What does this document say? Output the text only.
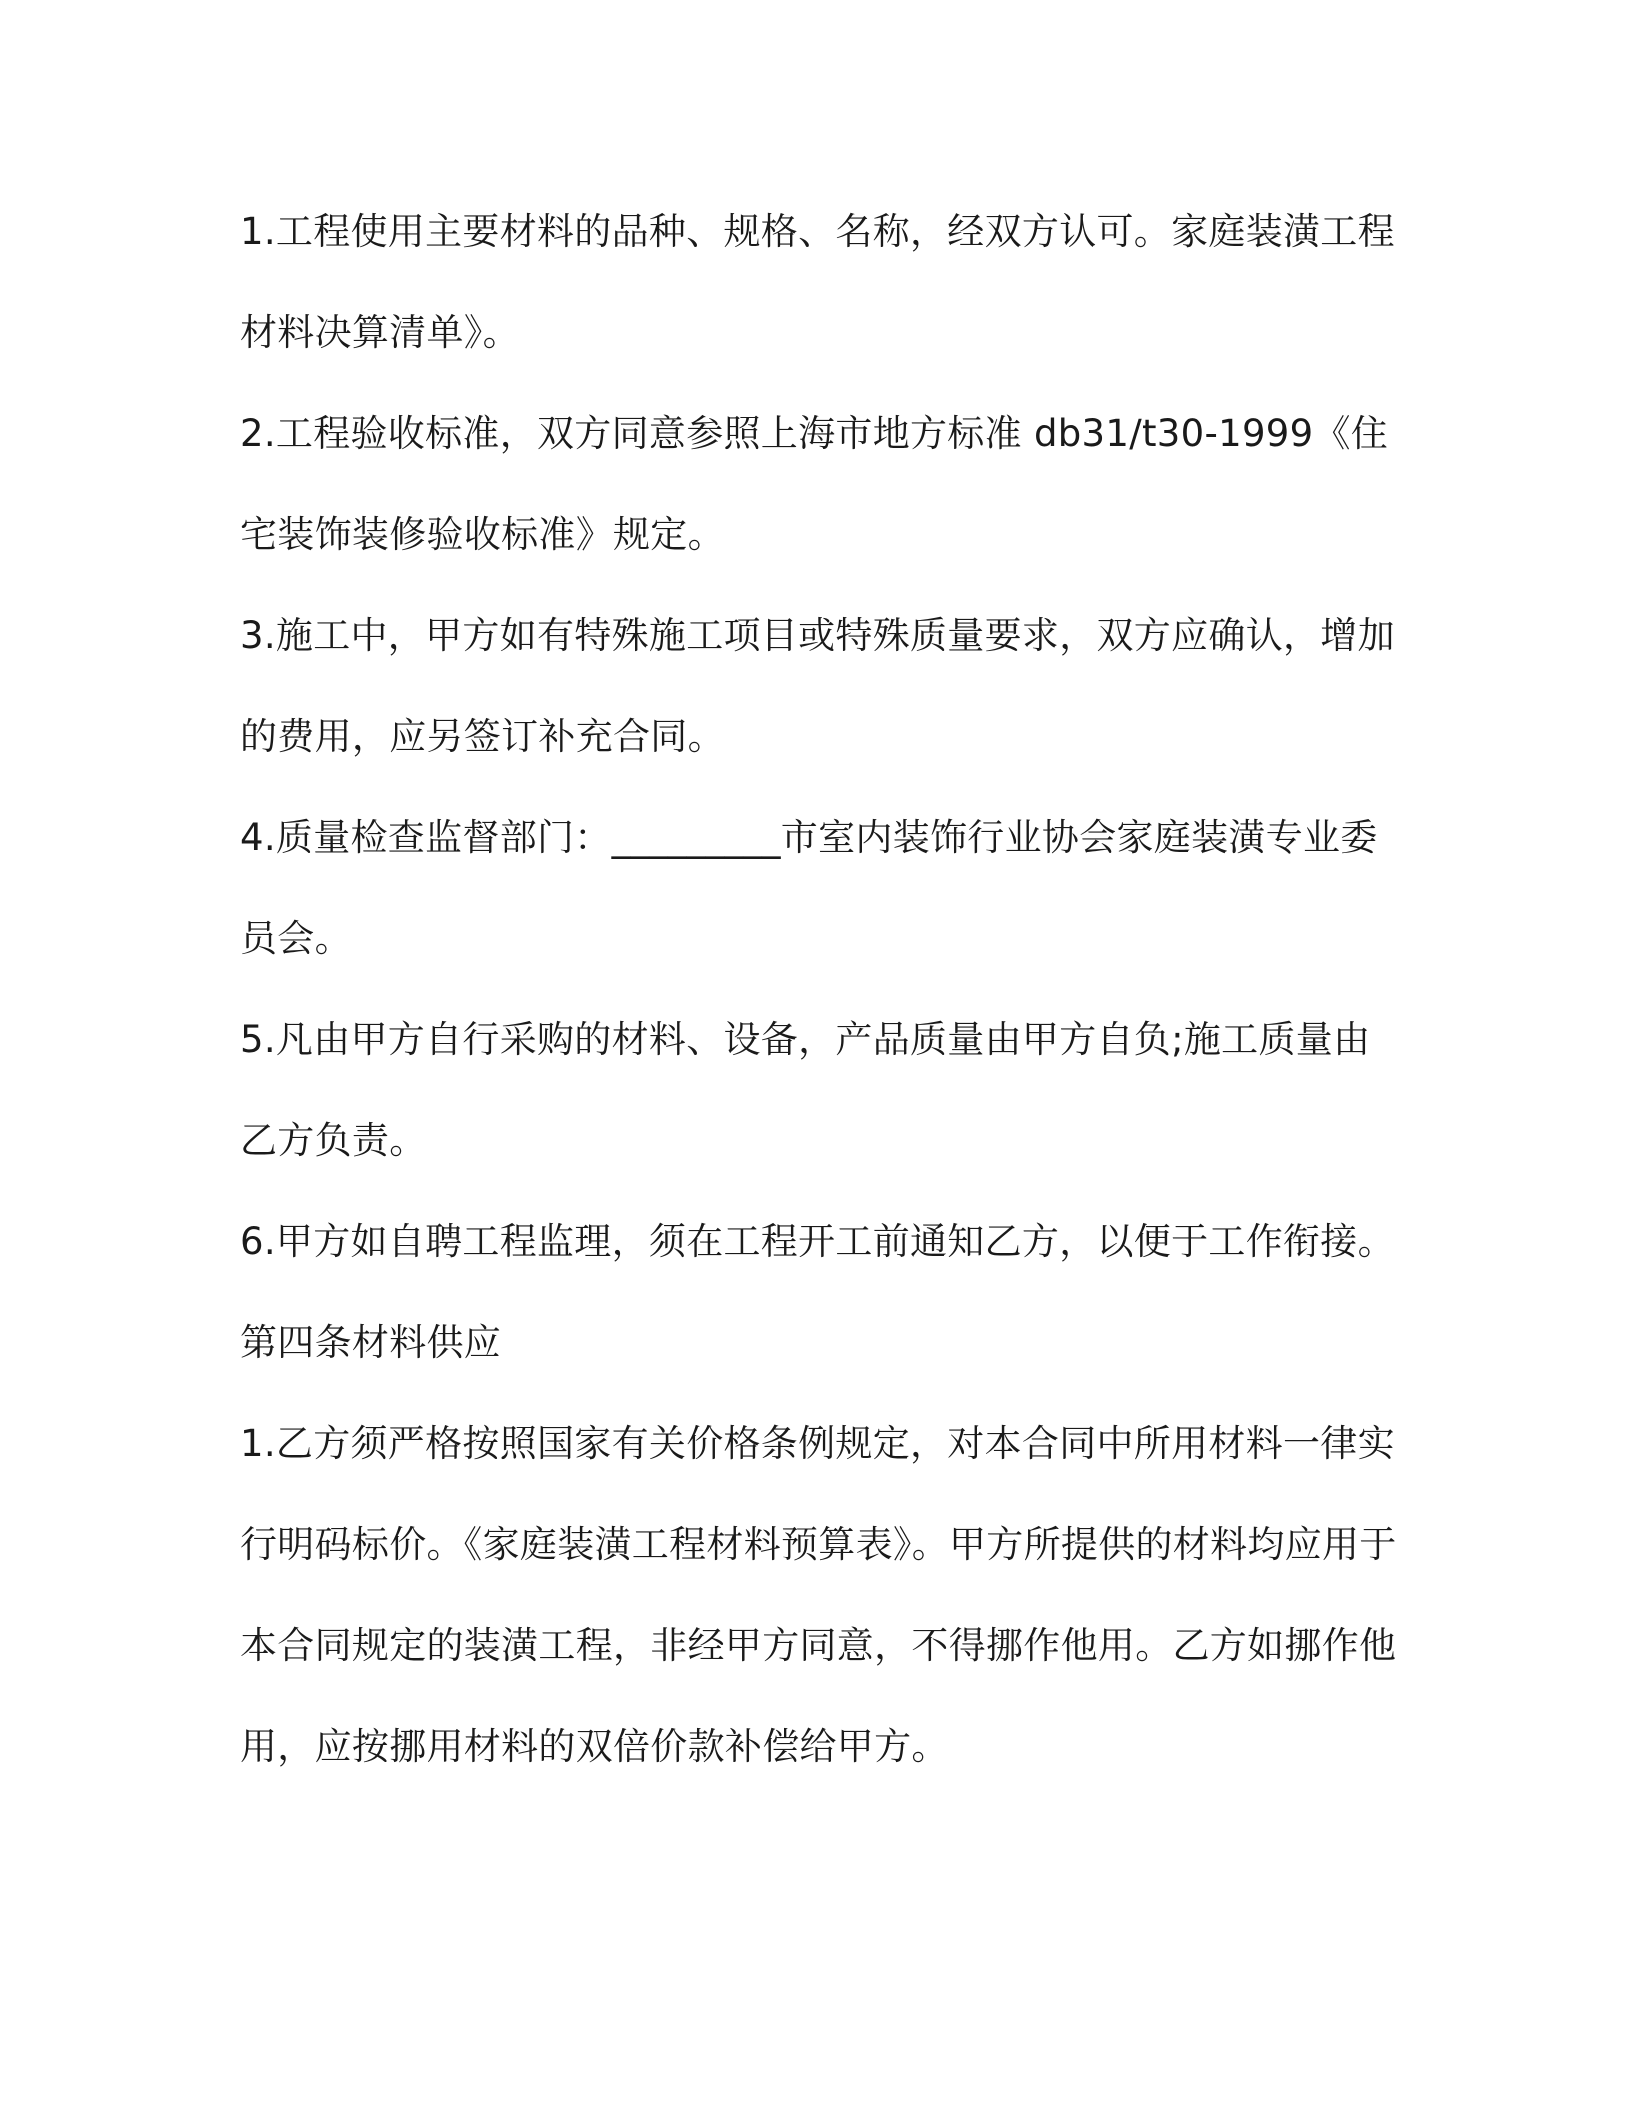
1.工程使用主要材料的品种、规格、名称，经双方认可。家庭装潢工程材料决算清单》。

2.工程验收标准，双方同意参照上海市地方标准 db31/t30-1999《住宅装饰装修验收标准》规定。

3.施工中，甲方如有特殊施工项目或特殊质量要求，双方应确认，增加的费用，应另签订补充合同。

4.质量检查监督部门：_________市室内装饰行业协会家庭装潢专业委员会。

5.凡由甲方自行采购的材料、设备，产品质量由甲方自负;施工质量由乙方负责。

6.甲方如自聘工程监理，须在工程开工前通知乙方，以便于工作衔接。

第四条材料供应

1.乙方须严格按照国家有关价格条例规定，对本合同中所用材料一律实行明码标价。《家庭装潢工程材料预算表》。甲方所提供的材料均应用于本合同规定的装潢工程，非经甲方同意，不得挪作他用。乙方如挪作他用，应按挪用材料的双倍价款补偿给甲方。
